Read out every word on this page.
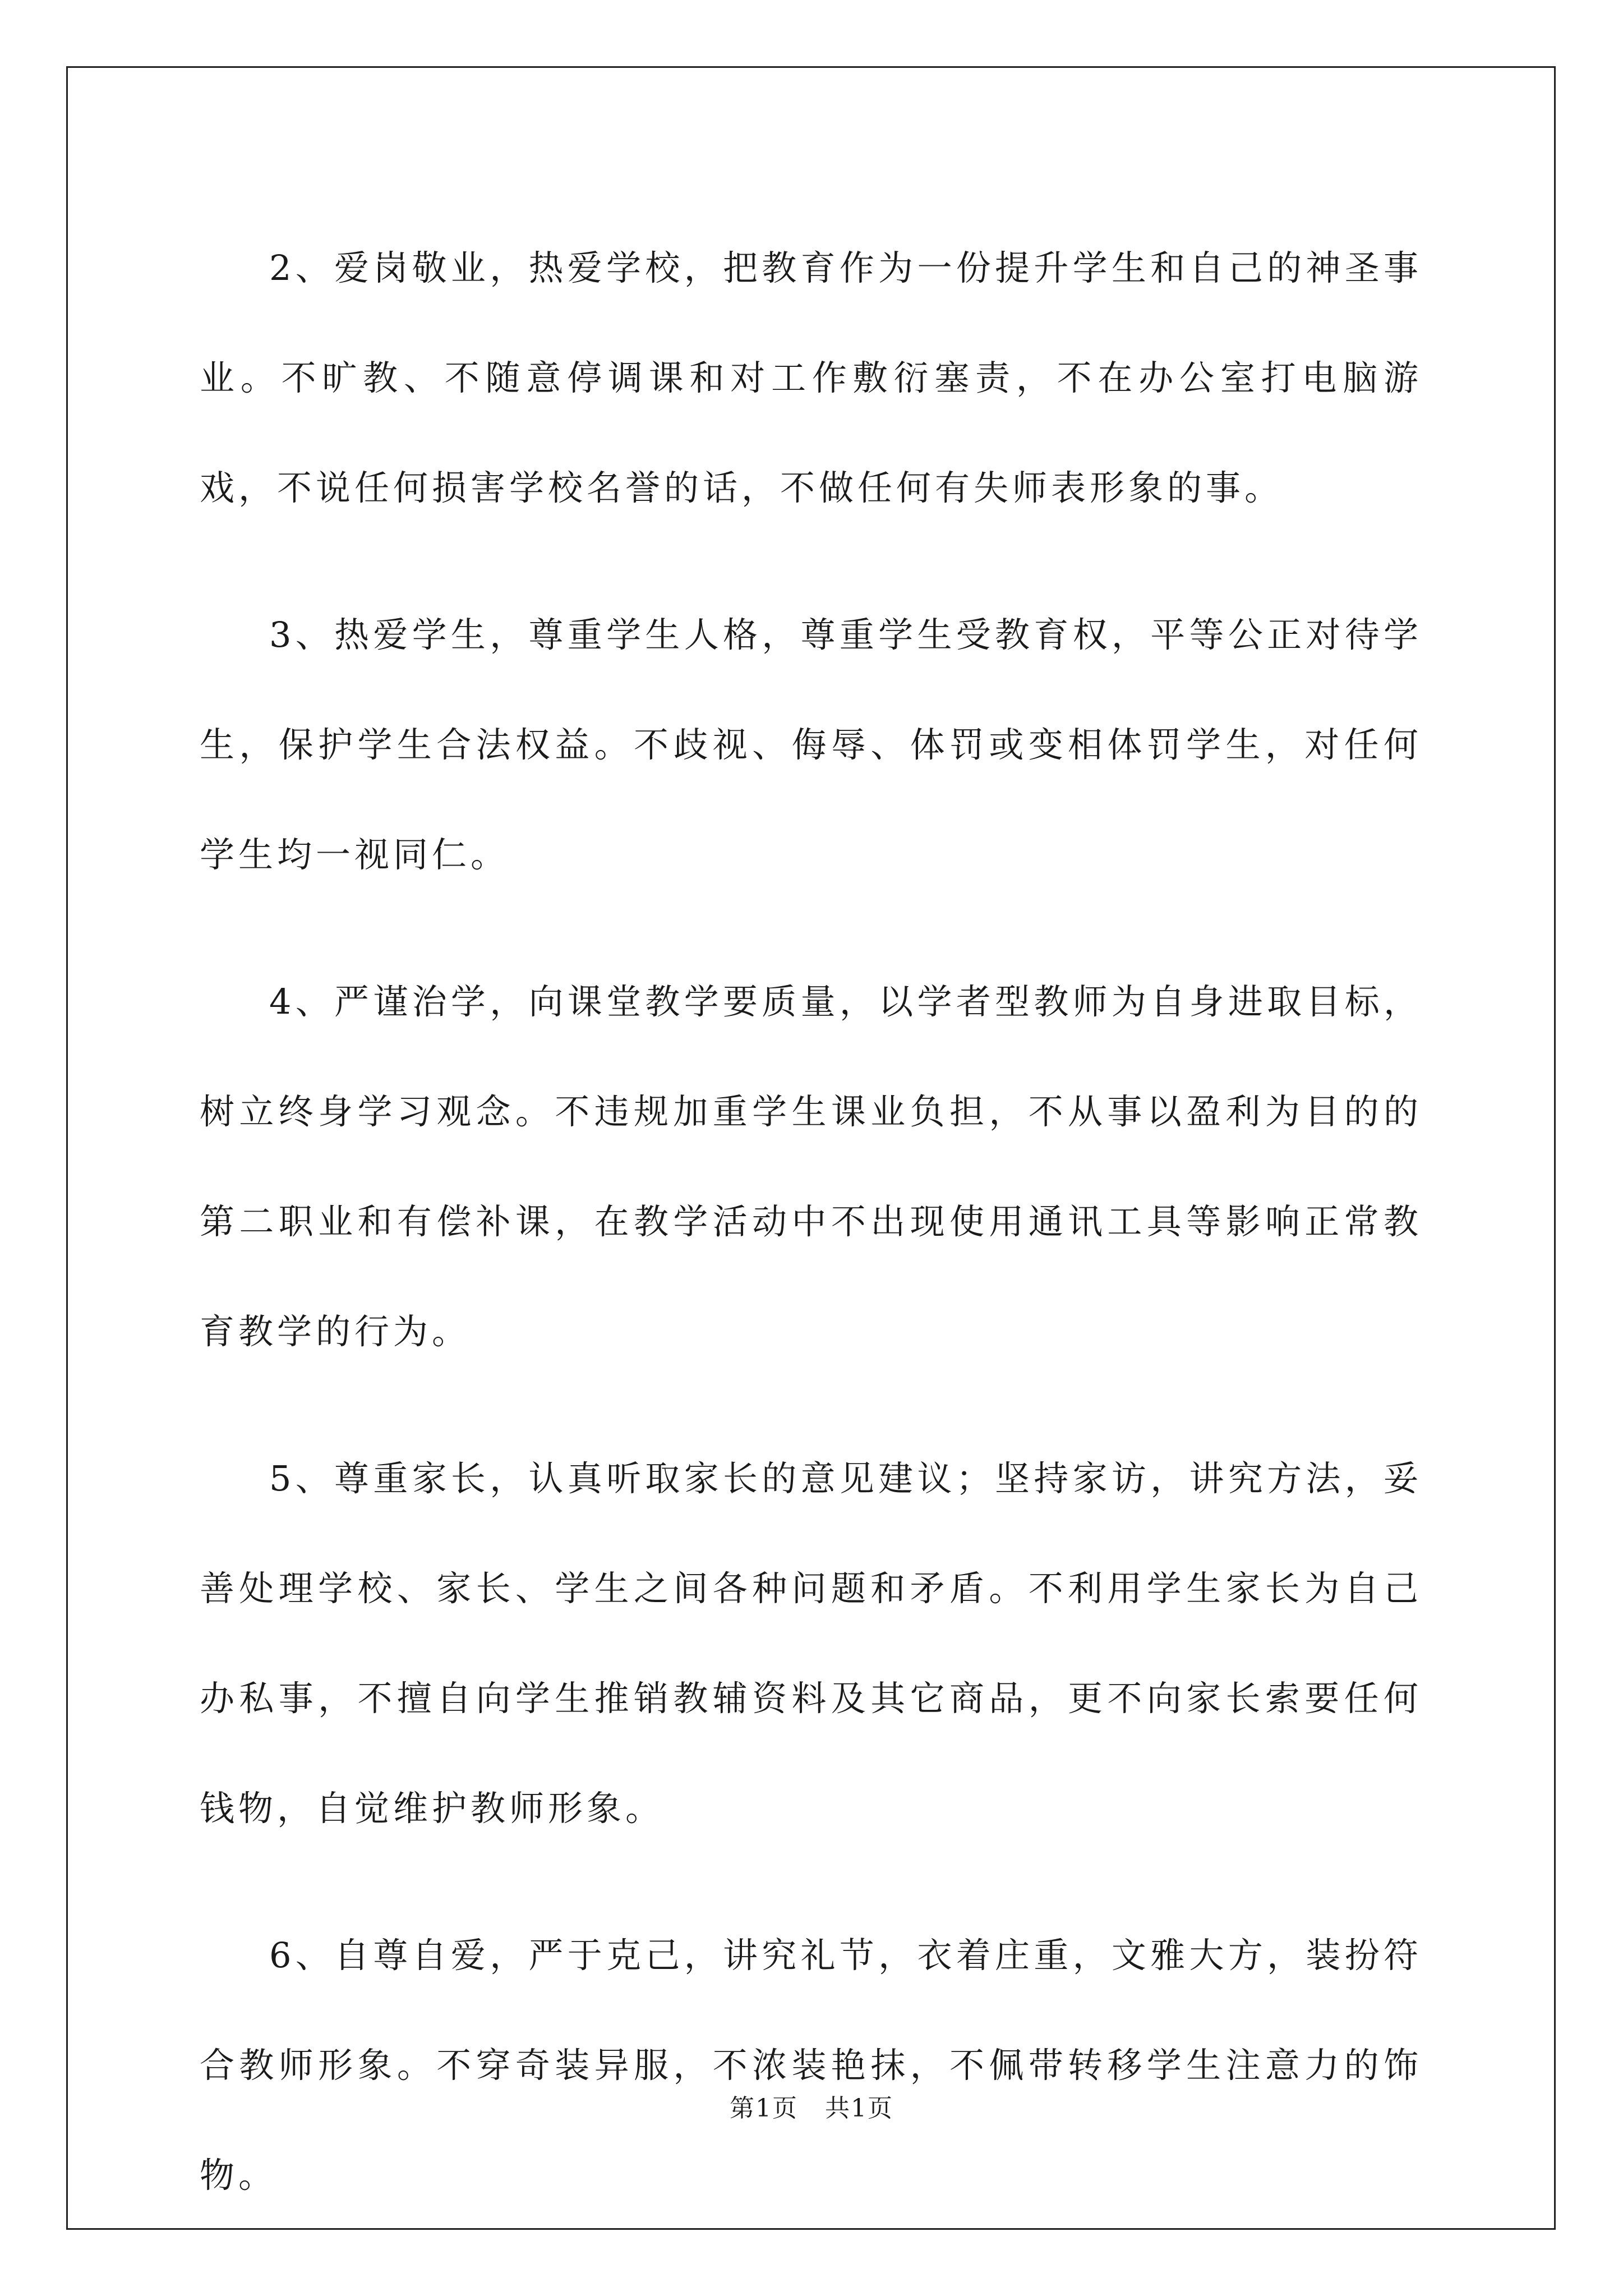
2、爱岗敬业，热爱学校，把教育作为一份提升学生和自己的神圣事业。不旷教、不随意停调课和对工作敷衍塞责，不在办公室打电脑游戏，不说任何损害学校名誉的话，不做任何有失师表形象的事。

3、热爱学生，尊重学生人格，尊重学生受教育权，平等公正对待学生，保护学生合法权益。不歧视、侮辱、体罚或变相体罚学生，对任何学生均一视同仁。

4、严谨治学，向课堂教学要质量，以学者型教师为自身进取目标，树立终身学习观念。不违规加重学生课业负担，不从事以盈利为目的的第二职业和有偿补课，在教学活动中不出现使用通讯工具等影响正常教育教学的行为。

5、尊重家长，认真听取家长的意见建议；坚持家访，讲究方法，妥善处理学校、家长、学生之间各种问题和矛盾。不利用学生家长为自己办私事，不擅自向学生推销教辅资料及其它商品，更不向家长索要任何钱物，自觉维护教师形象。

6、自尊自爱，严于克己，讲究礼节，衣着庄重，文雅大方，装扮符合教师形象。不穿奇装异服，不浓装艳抹，不佩带转移学生注意力的饰物。

第1页 共1页
